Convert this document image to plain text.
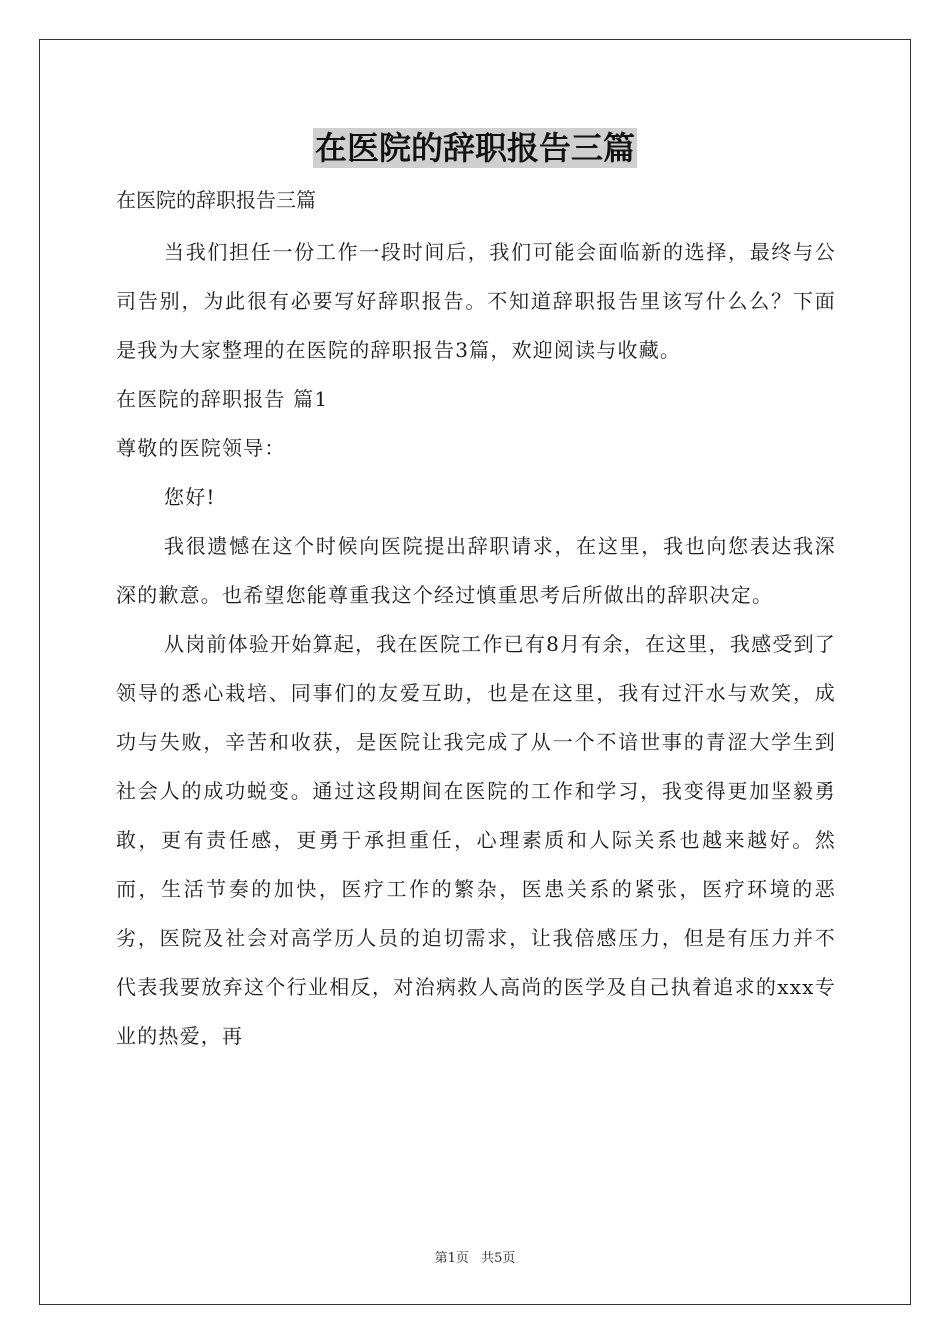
在医院的辞职报告三篇

在医院的辞职报告三篇

当我们担任一份工作一段时间后，我们可能会面临新的选择，最终与公司告别，为此很有必要写好辞职报告。不知道辞职报告里该写什么么？下面是我为大家整理的在医院的辞职报告3篇，欢迎阅读与收藏。

在医院的辞职报告 篇1

尊敬的医院领导：

您好!

我很遗憾在这个时候向医院提出辞职请求，在这里，我也向您表达我深深的歉意。也希望您能尊重我这个经过慎重思考后所做出的辞职决定。

从岗前体验开始算起，我在医院工作已有8月有余，在这里，我感受到了领导的悉心栽培、同事们的友爱互助，也是在这里，我有过汗水与欢笑，成功与失败，辛苦和收获，是医院让我完成了从一个不谙世事的青涩大学生到社会人的成功蜕变。通过这段期间在医院的工作和学习，我变得更加坚毅勇敢，更有责任感，更勇于承担重任，心理素质和人际关系也越来越好。然而，生活节奏的加快，医疗工作的繁杂，医患关系的紧张，医疗环境的恶劣，医院及社会对高学历人员的迫切需求，让我倍感压力，但是有压力并不代表我要放弃这个行业相反，对治病救人高尚的医学及自己执着追求的xxx专业的热爱，再

第1页 共5页
